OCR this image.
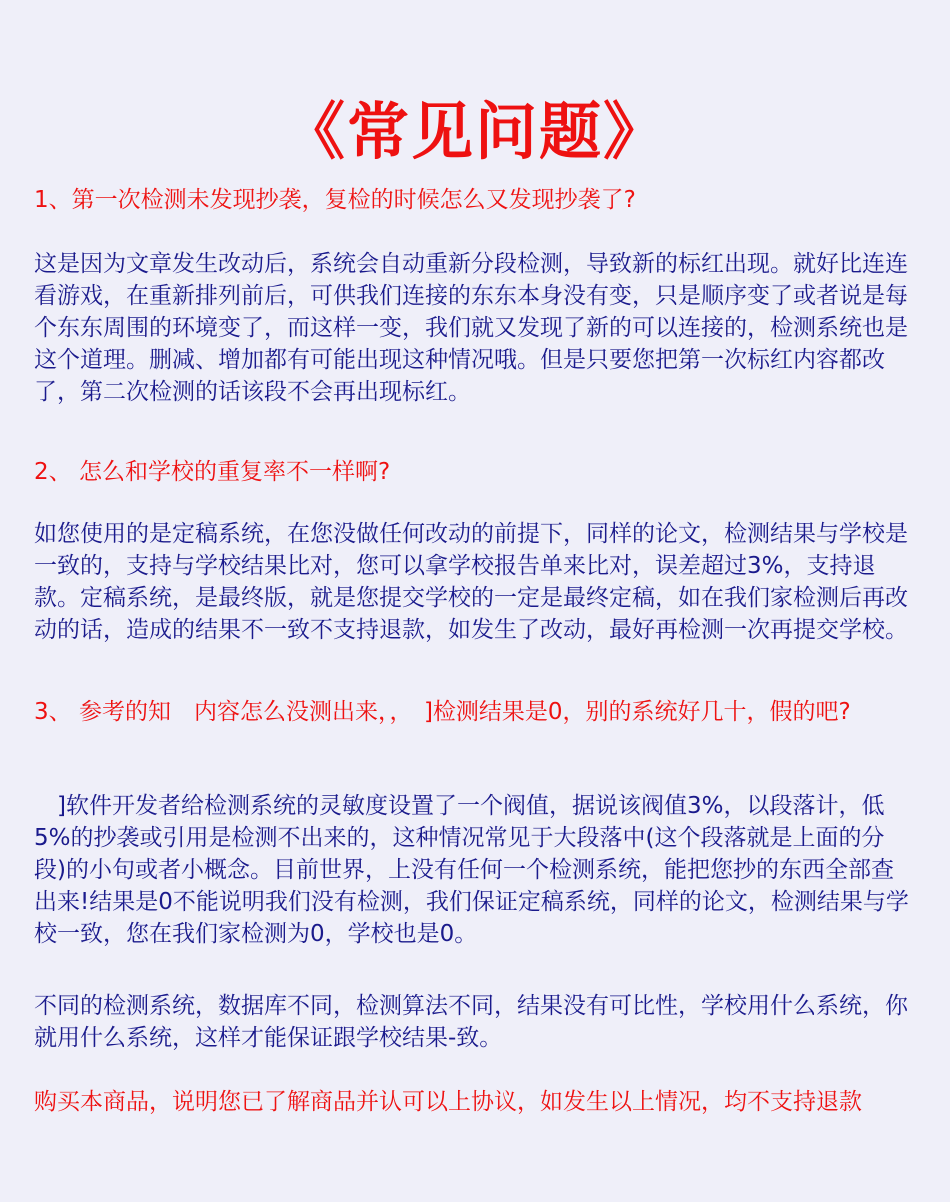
《常见问题》

1、第一次检测未发现抄袭，复检的时候怎么又发现抄袭了?

这是因为文章发生改动后，系统会自动重新分段检测，导致新的标红出现。就好比连连看游戏，在重新排列前后，可供我们连接的东东本身没有变，只是顺序变了或者说是每个东东周围的环境变了，而这样一变，我们就又发现了新的可以连接的，检测系统也是这个道理。删减、增加都有可能出现这种情况哦。但是只要您把第一次标红内容都改了，第二次检测的话该段不会再出现标红。

2、 怎么和学校的重复率不一样啊?

如您使用的是定稿系统，在您没做任何改动的前提下，同样的论文，检测结果与学校是一致的，支持与学校结果比对，您可以拿学校报告单来比对，误差超过3%，支持退款。定稿系统，是最终版，就是您提交学校的一定是最终定稿，如在我们家检测后再改动的话，造成的结果不一致不支持退款，如发生了改动，最好再检测一次再提交学校。

3、 参考的知　内容怎么没测出来，，　]检测结果是0，别的系统好几十，假的吧?

　]软件开发者给检测系统的灵敏度设置了一个阀值，据说该阀值3%，以段落计，低5%的抄袭或引用是检测不出来的，这种情况常见于大段落中(这个段落就是上面的分段)的小句或者小概念。目前世界，上没有任何一个检测系统，能把您抄的东西全部查出来!结果是0不能说明我们没有检测，我们保证定稿系统，同样的论文，检测结果与学校一致，您在我们家检测为0，学校也是0。

不同的检测系统，数据库不同，检测算法不同，结果没有可比性，学校用什么系统，你就用什么系统，这样才能保证跟学校结果-致。

购买本商品，说明您已了解商品并认可以上协议，如发生以上情况，均不支持退款
